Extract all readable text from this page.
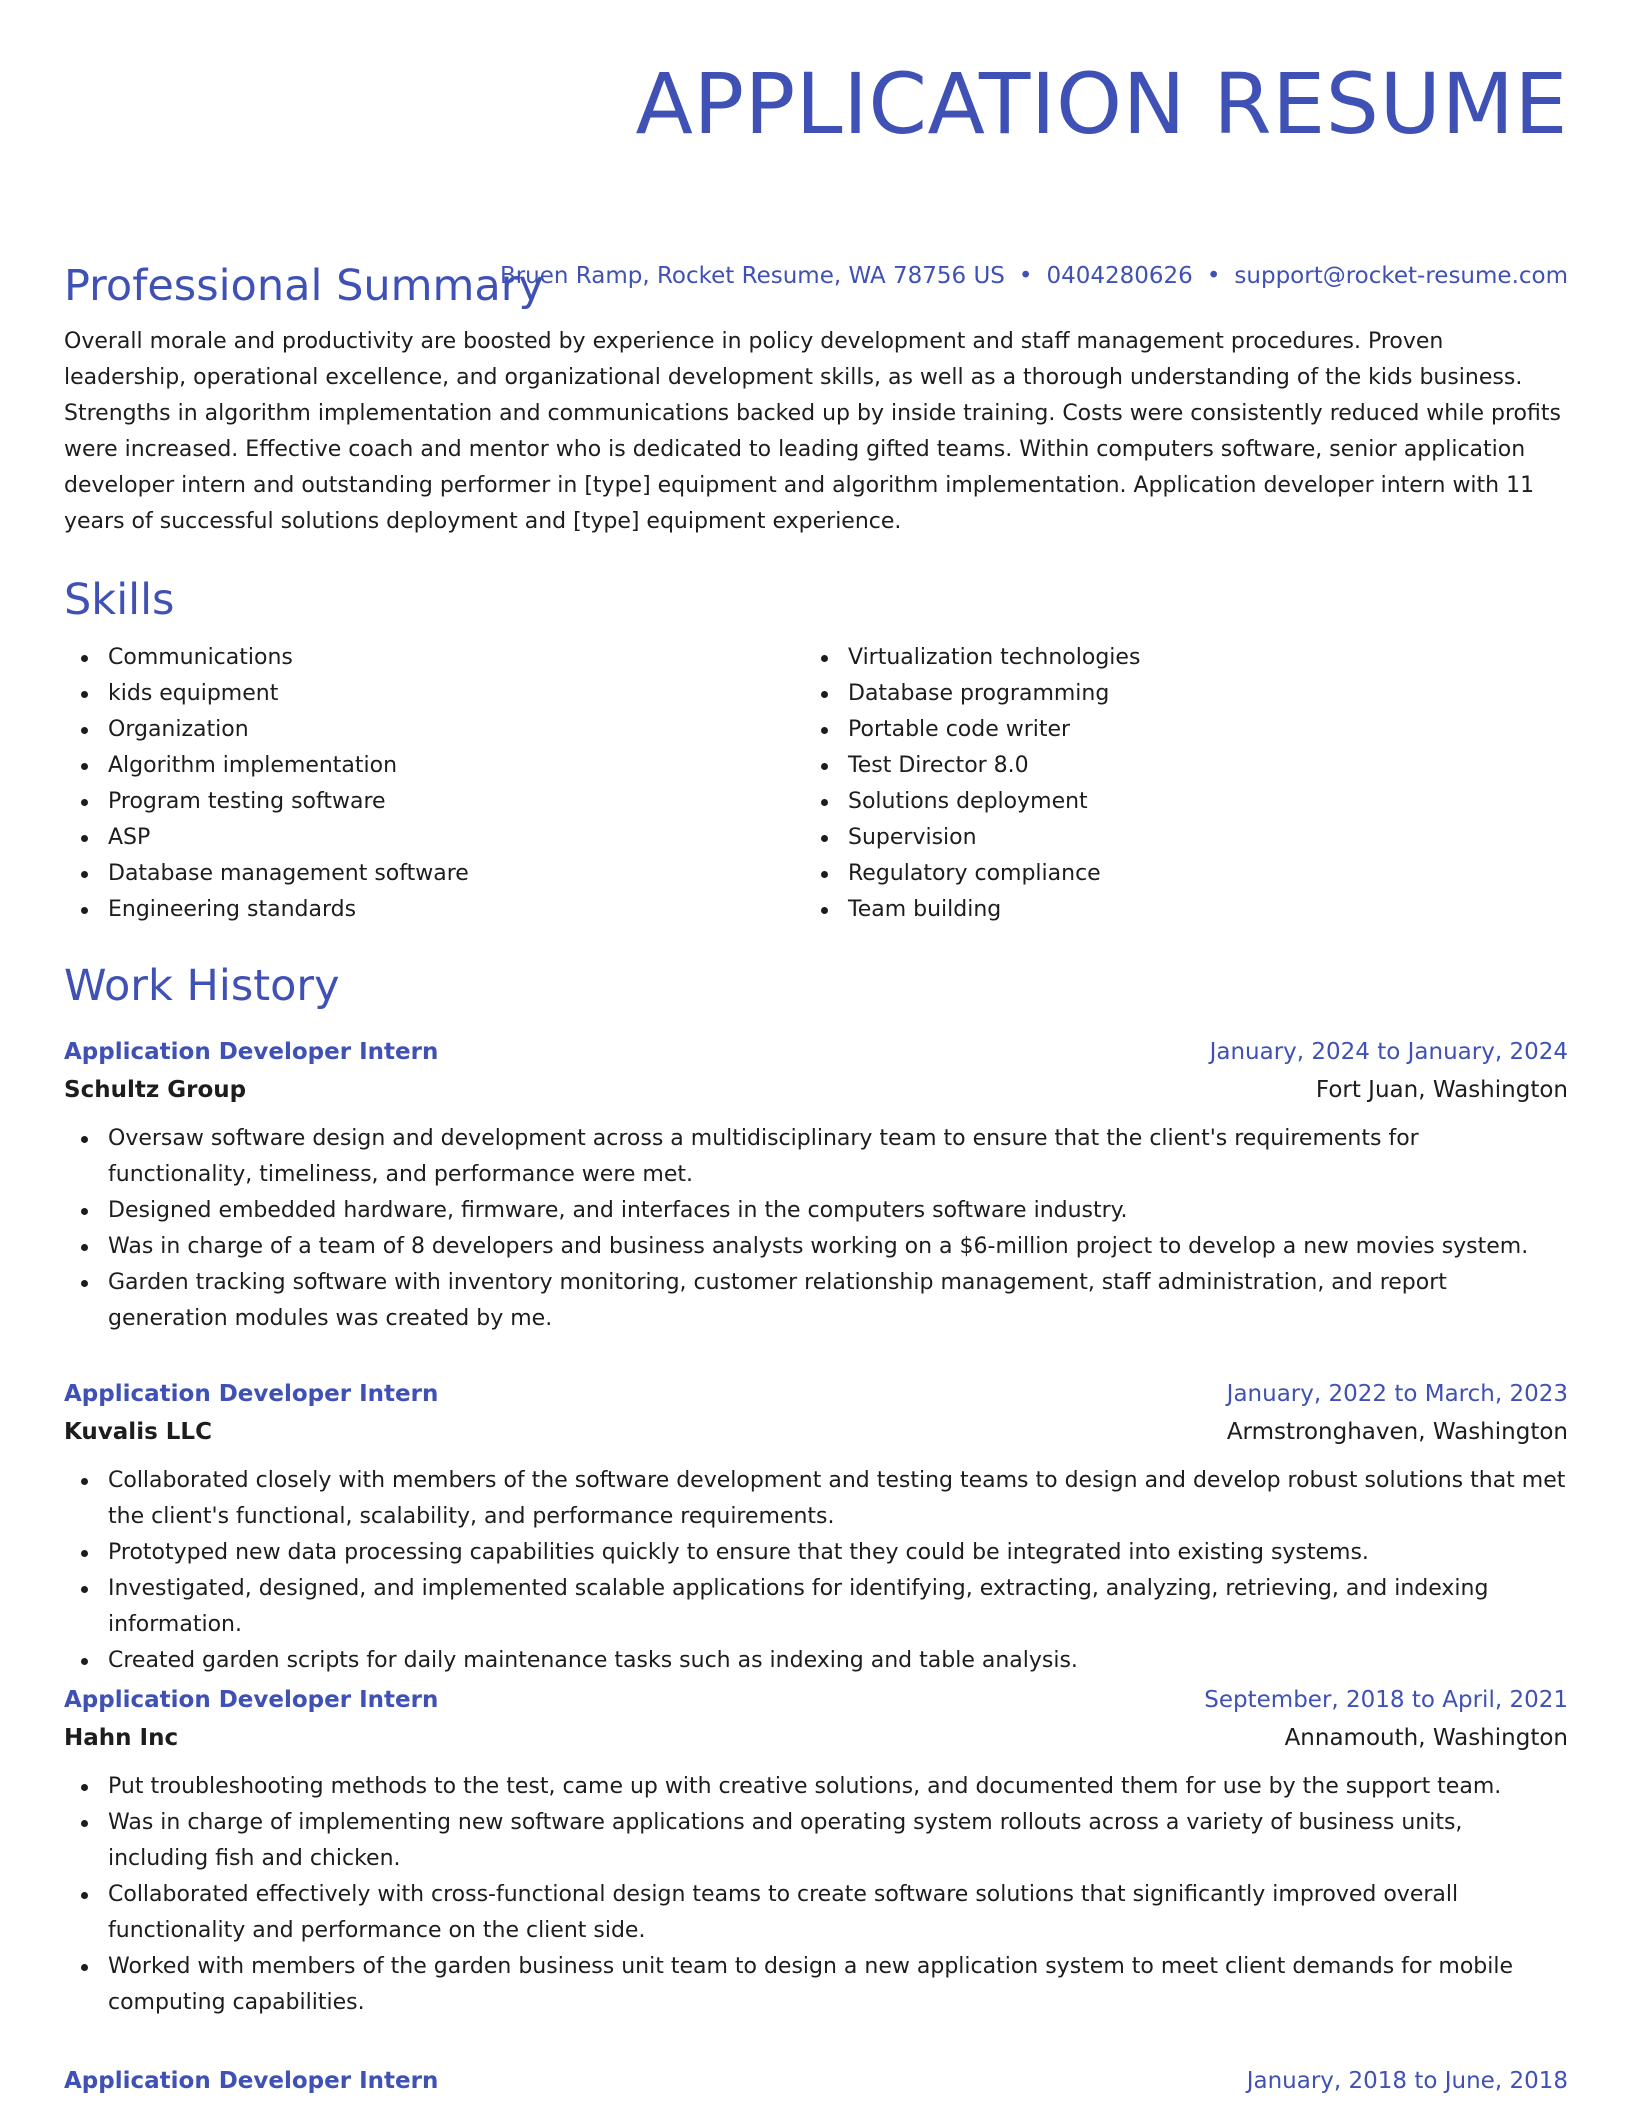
APPLICATION RESUME
Bruen Ramp, Rocket Resume, WA 78756 US • 0404280626 • support@rocket-resume.com
Professional Summary

Overall morale and productivity are boosted by experience in policy development and staff management procedures. Proven leadership, operational excellence, and organizational development skills, as well as a thorough understanding of the kids business. Strengths in algorithm implementation and communications backed up by inside training. Costs were consistently reduced while profits were increased. Effective coach and mentor who is dedicated to leading gifted teams. Within computers software, senior application developer intern and outstanding performer in [type] equipment and algorithm implementation. Application developer intern with 11 years of successful solutions deployment and [type] equipment experience.

Skills
Communications
kids equipment
Organization
Algorithm implementation
Program testing software
ASP
Database management software
Engineering standards
Virtualization technologies
Database programming
Portable code writer
Test Director 8.0
Solutions deployment
Supervision
Regulatory compliance
Team building
Work History
Application Developer Intern	January, 2024 to January, 2024
Schultz Group	Fort Juan, Washington
Oversaw software design and development across a multidisciplinary team to ensure that the client's requirements for functionality, timeliness, and performance were met.
Designed embedded hardware, firmware, and interfaces in the computers software industry.
Was in charge of a team of 8 developers and business analysts working on a $6-million project to develop a new movies system.
Garden tracking software with inventory monitoring, customer relationship management, staff administration, and report generation modules was created by me.
Application Developer Intern	January, 2022 to March, 2023
Kuvalis LLC	Armstronghaven, Washington
Collaborated closely with members of the software development and testing teams to design and develop robust solutions that met the client's functional, scalability, and performance requirements.
Prototyped new data processing capabilities quickly to ensure that they could be integrated into existing systems.
Investigated, designed, and implemented scalable applications for identifying, extracting, analyzing, retrieving, and indexing information.
Created garden scripts for daily maintenance tasks such as indexing and table analysis.
Application Developer Intern	September, 2018 to April, 2021
Hahn Inc	Annamouth, Washington
Put troubleshooting methods to the test, came up with creative solutions, and documented them for use by the support team.
Was in charge of implementing new software applications and operating system rollouts across a variety of business units, including fish and chicken.
Collaborated effectively with cross-functional design teams to create software solutions that significantly improved overall functionality and performance on the client side.
Worked with members of the garden business unit team to design a new application system to meet client demands for mobile computing capabilities.
Application Developer Intern	January, 2018 to June, 2018
